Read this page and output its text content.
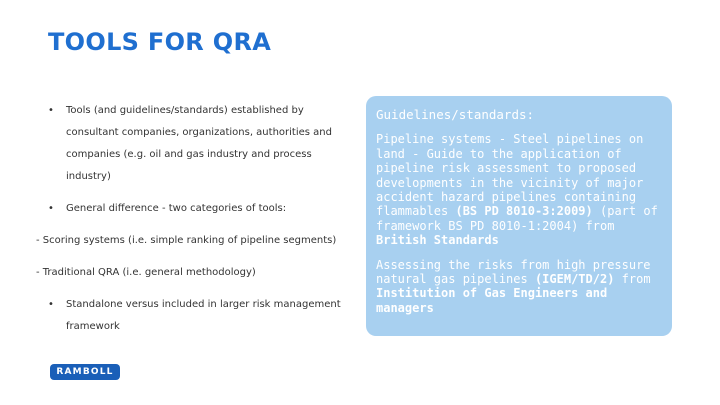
TOOLS FOR QRA
•	Tools (and guidelines/standards) established by
consultant companies, organizations, authorities and
companies (e.g. oil and gas industry and process
industry)
•	General difference - two categories of tools:
- Scoring systems (i.e. simple ranking of pipeline segments)
- Traditional QRA (i.e. general methodology)
•	Standalone versus included in larger risk management
framework
Guidelines/standards:
Pipeline systems - Steel pipelines on land - Guide to the application of pipeline risk assessment to proposed developments in the vicinity of major accident hazard pipelines containing flammables (BS PD 8010-3:2009) (part of framework BS PD 8010-1:2004) from British Standards
Assessing the risks from high pressure natural gas pipelines (IGEM/TD/2) from Institution of Gas Engineers and managers
RAMBOLL
